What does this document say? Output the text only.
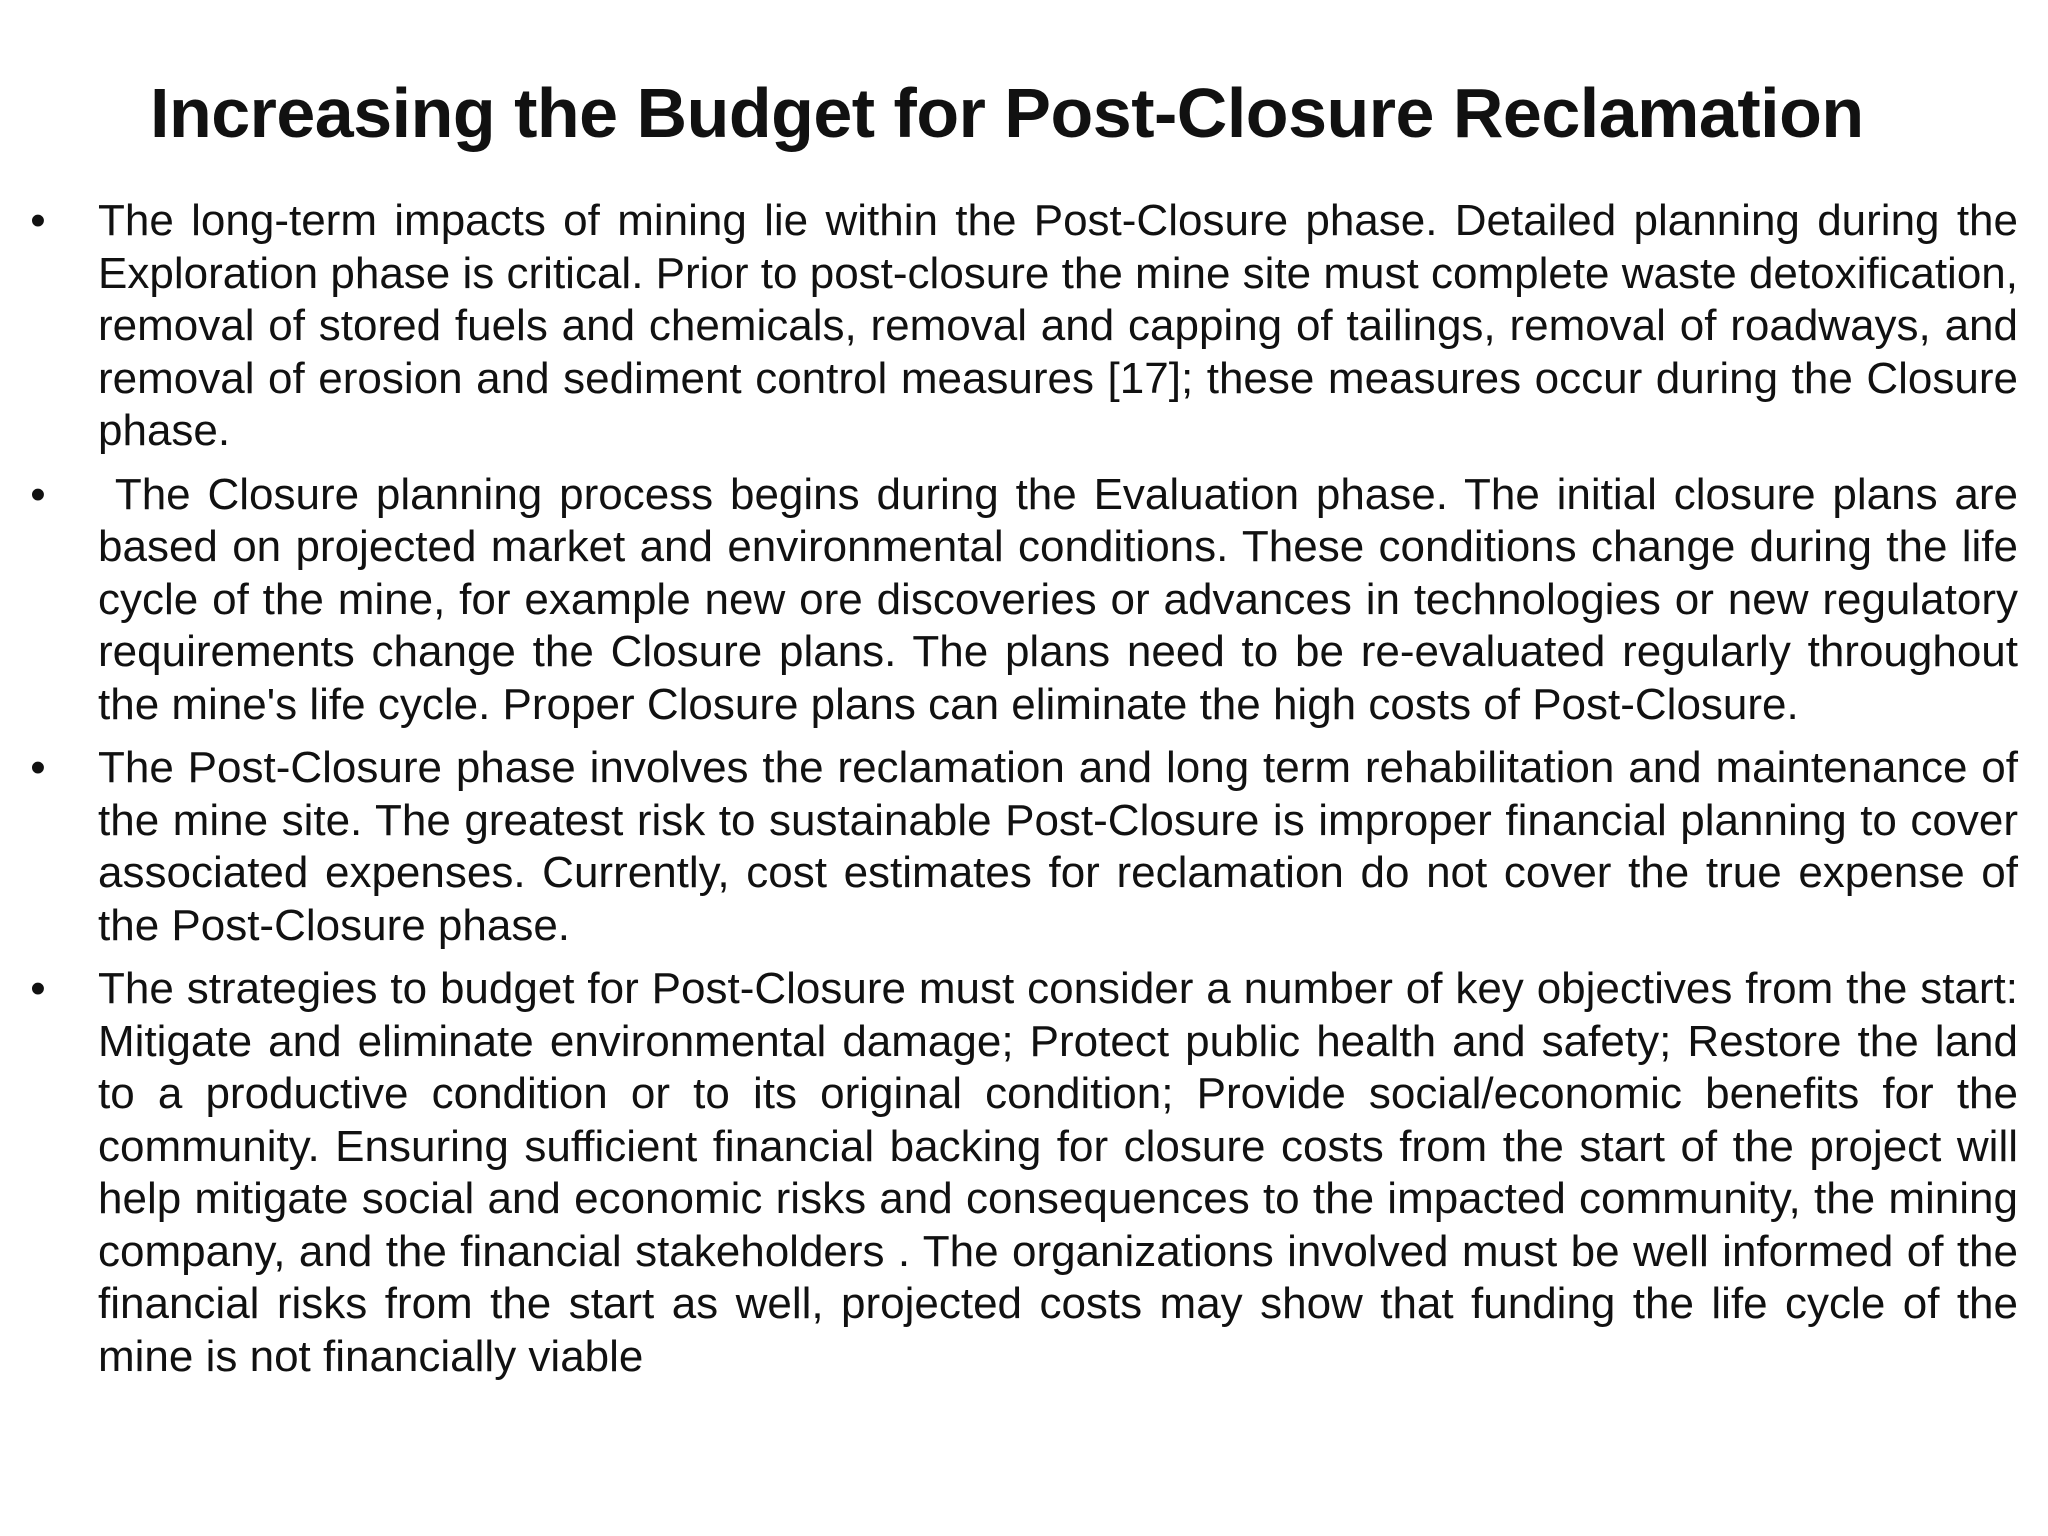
Increasing the Budget for Post-Closure Reclamation
• The long-term impacts of mining lie within the Post-Closure phase. Detailed planning during the Exploration phase is critical. Prior to post-closure the mine site must complete waste detoxification, removal of stored fuels and chemicals, removal and capping of tailings, removal of roadways, and removal of erosion and sediment control measures [17]; these measures occur during the Closure phase.
• The Closure planning process begins during the Evaluation phase. The initial closure plans are based on projected market and environmental conditions. These conditions change during the life cycle of the mine, for example new ore discoveries or advances in technologies or new regulatory requirements change the Closure plans. The plans need to be re-evaluated regularly throughout the mine's life cycle. Proper Closure plans can eliminate the high costs of Post-Closure.
• The Post-Closure phase involves the reclamation and long term rehabilitation and maintenance of the mine site. The greatest risk to sustainable Post-Closure is improper financial planning to cover associated expenses. Currently, cost estimates for reclamation do not cover the true expense of the Post-Closure phase.
• The strategies to budget for Post-Closure must consider a number of key objectives from the start: Mitigate and eliminate environmental damage; Protect public health and safety; Restore the land to a productive condition or to its original condition; Provide social/economic benefits for the community. Ensuring sufficient financial backing for closure costs from the start of the project will help mitigate social and economic risks and consequences to the impacted community, the mining company, and the financial stakeholders . The organizations involved must be well informed of the financial risks from the start as well, projected costs may show that funding the life cycle of the mine is not financially viable
